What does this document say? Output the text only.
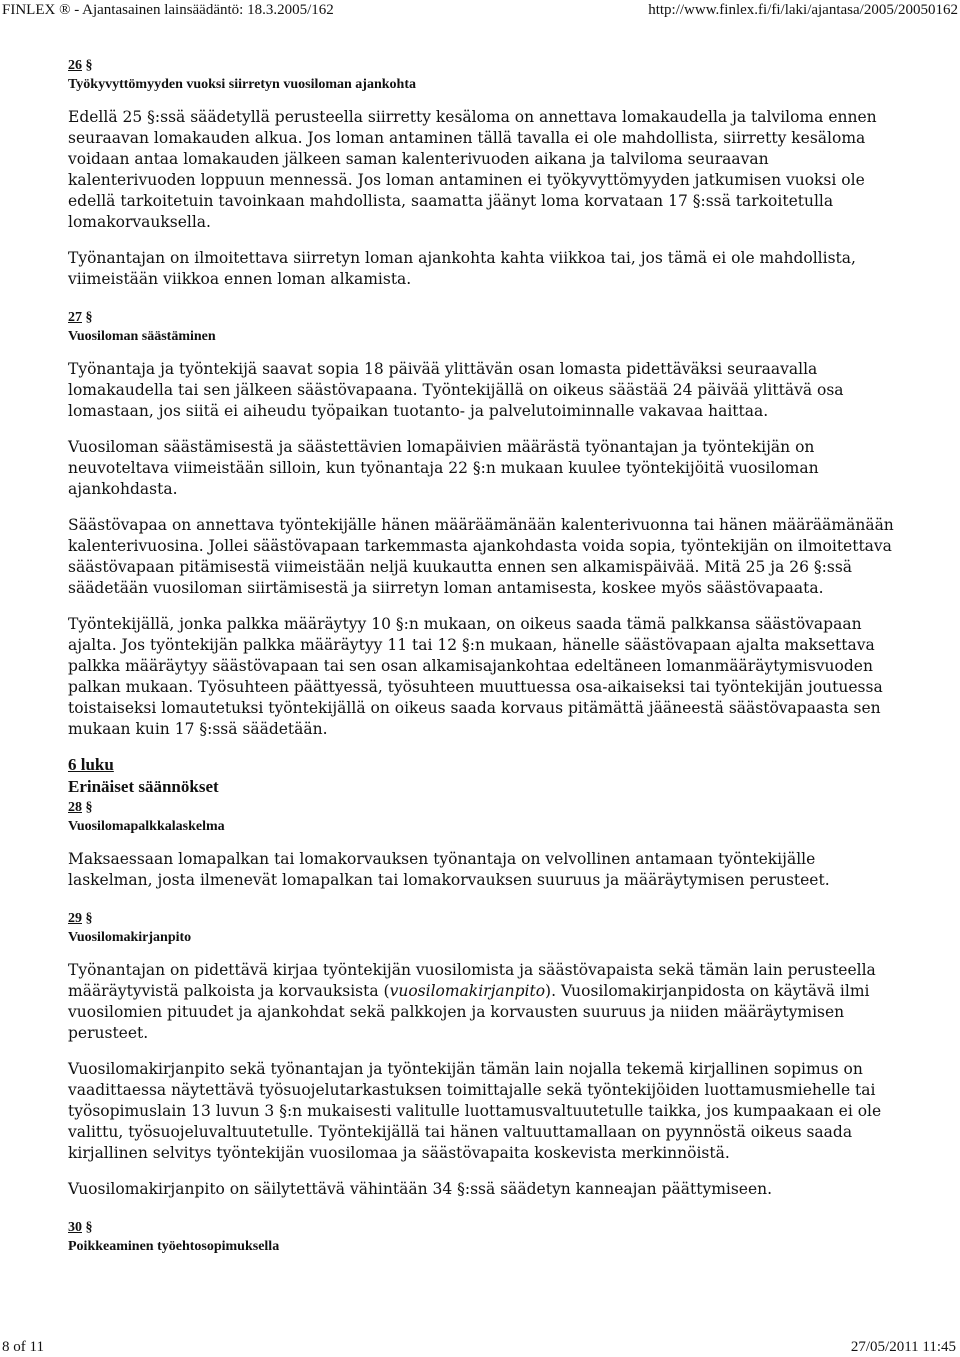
FINLEX ® - Ajantasainen lainsäädäntö: 18.3.2005/162	http://www.finlex.fi/fi/laki/ajantasa/2005/20050162

26 §

Työkyvyttömyyden vuoksi siirretyn vuosiloman ajankohta

Edellä 25 §:ssä säädetyllä perusteella siirretty kesäloma on annettava lomakaudella ja talviloma ennen seuraavan lomakauden alkua. Jos loman antaminen tällä tavalla ei ole mahdollista, siirretty kesäloma voidaan antaa lomakauden jälkeen saman kalenterivuoden aikana ja talviloma seuraavan kalenterivuoden loppuun mennessä. Jos loman antaminen ei työkyvyttömyyden jatkumisen vuoksi ole edellä tarkoitetuin tavoinkaan mahdollista, saamatta jäänyt loma korvataan 17 §:ssä tarkoitetulla lomakorvauksella.

Työnantajan on ilmoitettava siirretyn loman ajankohta kahta viikkoa tai, jos tämä ei ole mahdollista, viimeistään viikkoa ennen loman alkamista.

27 §

Vuosiloman säästäminen

Työnantaja ja työntekijä saavat sopia 18 päivää ylittävän osan lomasta pidettäväksi seuraavalla lomakaudella tai sen jälkeen säästövapaana. Työntekijällä on oikeus säästää 24 päivää ylittävä osa lomastaan, jos siitä ei aiheudu työpaikan tuotanto- ja palvelutoiminnalle vakavaa haittaa.

Vuosiloman säästämisestä ja säästettävien lomapäivien määrästä työnantajan ja työntekijän on neuvoteltava viimeistään silloin, kun työnantaja 22 §:n mukaan kuulee työntekijöitä vuosiloman ajankohdasta.

Säästövapaa on annettava työntekijälle hänen määräämänään kalenterivuonna tai hänen määräämänään kalenterivuosina. Jollei säästövapaan tarkemmasta ajankohdasta voida sopia, työntekijän on ilmoitettava säästövapaan pitämisestä viimeistään neljä kuukautta ennen sen alkamispäivää. Mitä 25 ja 26 §:ssä säädetään vuosiloman siirtämisestä ja siirretyn loman antamisesta, koskee myös säästövapaata.

Työntekijällä, jonka palkka määräytyy 10 §:n mukaan, on oikeus saada tämä palkkansa säästövapaan ajalta. Jos työntekijän palkka määräytyy 11 tai 12 §:n mukaan, hänelle säästövapaan ajalta maksettava palkka määräytyy säästövapaan tai sen osan alkamisajankohtaa edeltäneen lomanmääräytymisvuoden palkan mukaan. Työsuhteen päättyessä, työsuhteen muuttuessa osa-aikaiseksi tai työntekijän joutuessa toistaiseksi lomautetuksi työntekijällä on oikeus saada korvaus pitämättä jääneestä säästövapaasta sen mukaan kuin 17 §:ssä säädetään.

6 luku
Erinäiset säännökset

28 §

Vuosilomapalkkalaskelma

Maksaessaan lomapalkan tai lomakorvauksen työnantaja on velvollinen antamaan työntekijälle laskelman, josta ilmenevät lomapalkan tai lomakorvauksen suuruus ja määräytymisen perusteet.

29 §

Vuosilomakirjanpito

Työnantajan on pidettävä kirjaa työntekijän vuosilomista ja säästövapaista sekä tämän lain perusteella määräytyvistä palkoista ja korvauksista (vuosilomakirjanpito). Vuosilomakirjanpidosta on käytävä ilmi vuosilomien pituudet ja ajankohdat sekä palkkojen ja korvausten suuruus ja niiden määräytymisen perusteet.

Vuosilomakirjanpito sekä työnantajan ja työntekijän tämän lain nojalla tekemä kirjallinen sopimus on vaadittaessa näytettävä työsuojelutarkastuksen toimittajalle sekä työntekijöiden luottamusmiehelle tai työsopimuslain 13 luvun 3 §:n mukaisesti valitulle luottamusvaltuutetulle taikka, jos kumpaakaan ei ole valittu, työsuojeluvaltuutetulle. Työntekijällä tai hänen valtuuttamallaan on pyynnöstä oikeus saada kirjallinen selvitys työntekijän vuosilomaa ja säästövapaita koskevista merkinnöistä.

Vuosilomakirjanpito on säilytettävä vähintään 34 §:ssä säädetyn kanneajan päättymiseen.

30 §

Poikkeaminen työehtosopimuksella

8 of 11	27/05/2011 11:45
